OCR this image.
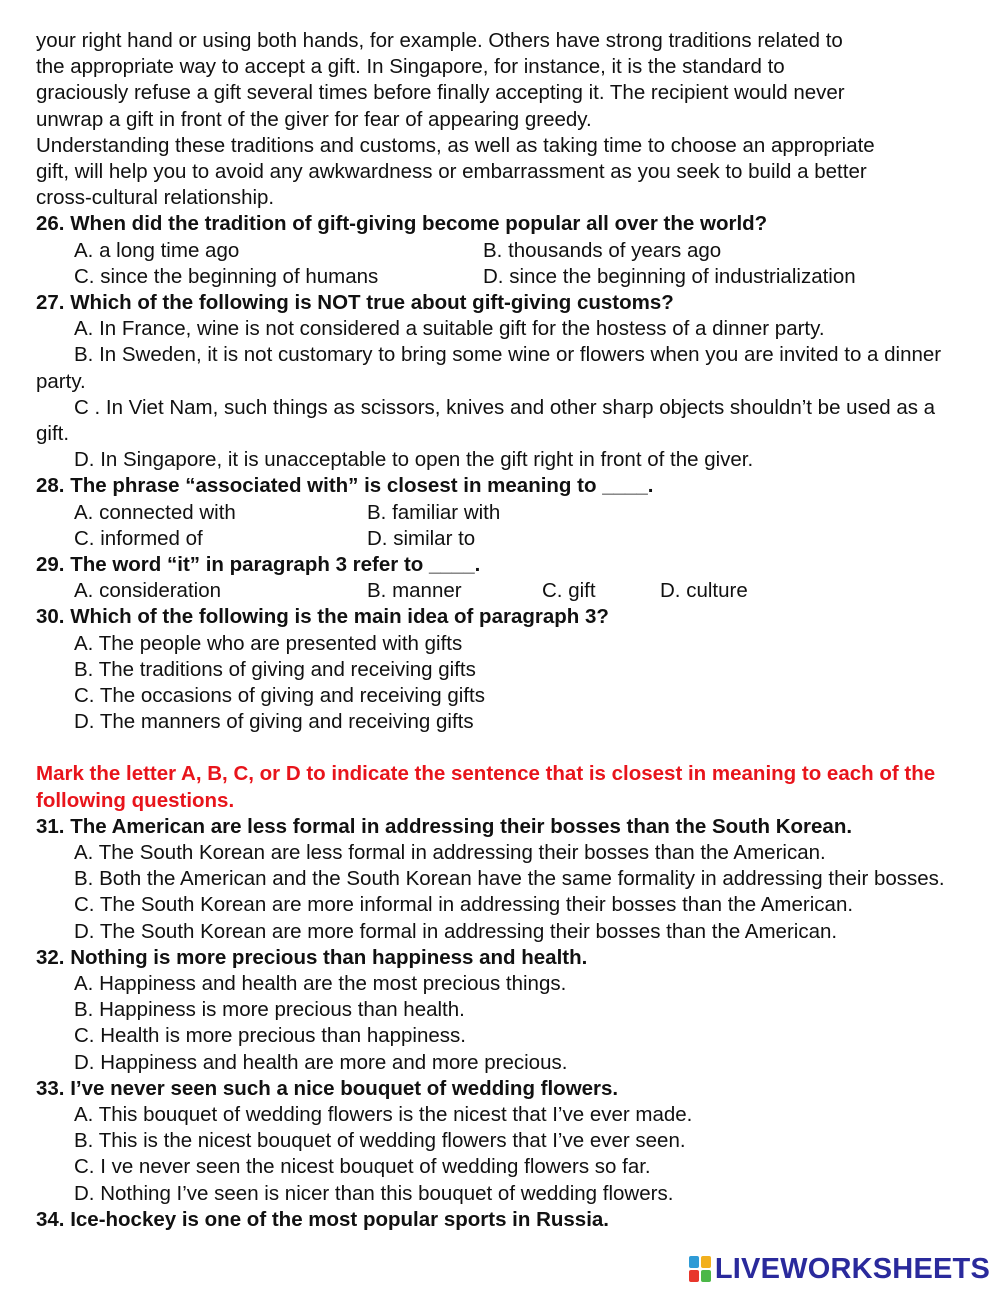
your right hand or using both hands, for example. Others have strong traditions related to
the appropriate way to accept a gift. In Singapore, for instance, it is the standard to
graciously refuse a gift several times before finally accepting it. The recipient would never
unwrap a gift in front of the giver for fear of appearing greedy.
Understanding these traditions and customs, as well as taking time to choose an appropriate
gift, will help you to avoid any awkwardness or embarrassment as you seek to build a better
cross-cultural relationship.
26. When did the tradition of gift-giving become popular all over the world?
A. a long time ago	B. thousands of years ago
C. since the beginning of humans	D. since the beginning of industrialization
27. Which of the following is NOT true about gift-giving customs?
A. In France, wine is not considered a suitable gift for the hostess of a dinner party.
B. In Sweden, it is not customary to bring some wine or flowers when you are invited to a dinner party.
C . In Viet Nam, such things as scissors, knives and other sharp objects shouldn’t be used as a gift.
D. In Singapore, it is unacceptable to open the gift right in front of the giver.
28. The phrase “associated with” is closest in meaning to ____.
A. connected with	B. familiar with
C. informed of	D. similar to
29. The word “it” in paragraph 3 refer to ____.
A. consideration	B. manner	C. gift	D. culture
30. Which of the following is the main idea of paragraph 3?
A. The people who are presented with gifts
B. The traditions of giving and receiving gifts
C. The occasions of giving and receiving gifts
D. The manners of giving and receiving gifts
Mark the letter A, B, C, or D to indicate the sentence that is closest in meaning to each of the following questions.
31. The American are less formal in addressing their bosses than the South Korean.
A. The South Korean are less formal in addressing their bosses than the American.
B. Both the American and the South Korean have the same formality in addressing their bosses.
C. The South Korean are more informal in addressing their bosses than the American.
D. The South Korean are more formal in addressing their bosses than the American.
32. Nothing is more precious than happiness and health.
A. Happiness and health are the most precious things.
B. Happiness is more precious than health.
C. Health is more precious than happiness.
D. Happiness and health are more and more precious.
33. I’ve never seen such a nice bouquet of wedding flowers.
A. This bouquet of wedding flowers is the nicest that I’ve ever made.
B. This is the nicest bouquet of wedding flowers that I’ve ever seen.
C. I ve never seen the nicest bouquet of wedding flowers so far.
D. Nothing I’ve seen is nicer than this bouquet of wedding flowers.
34. Ice-hockey is one of the most popular sports in Russia.
LIVEWORKSHEETS
